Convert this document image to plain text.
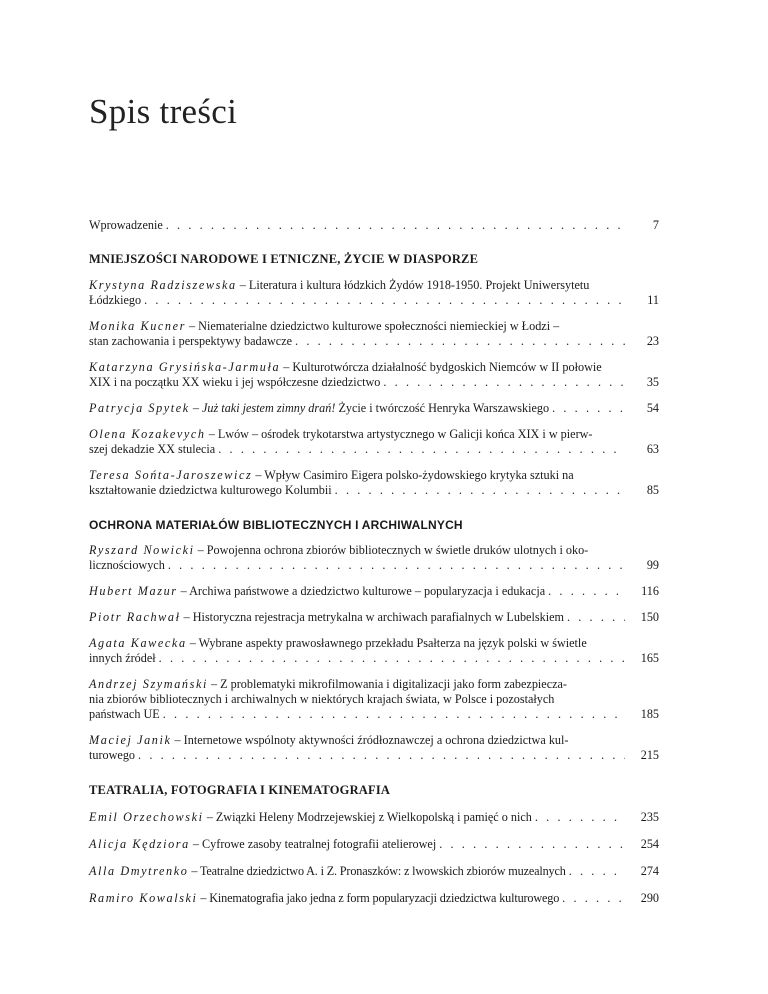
Spis treści
Wprowadzenie . . .	7
MNIEJSZOŚCI NARODOWE I ETNICZNE, ŻYCIE W DIASPORZE
Krystyna Radziszewska – Literatura i kultura łódzkich Żydów 1918-1950. Projekt Uniwersytetu
Łódzkiego . . .	11
Monika Kucner – Niematerialne dziedzictwo kulturowe społeczności niemieckiej w Łodzi –
stan zachowania i perspektywy badawcze . . .	23
Katarzyna Grysińska-Jarmuła – Kulturotwórcza działalność bydgoskich Niemców w II połowie
XIX i na początku XX wieku i jej współczesne dziedzictwo . . .	35
Patrycja Spytek – Już taki jestem zimny drań! Życie i twórczość Henryka Warszawskiego . . .	54
Olena Kozakevych – Lwów – ośrodek trykotarstwa artystycznego w Galicji końca XIX i w pierw-
szej dekadzie XX stulecia . . .	63
Teresa Sońta-Jaroszewicz – Wpływ Casimiro Eigera polsko-żydowskiego krytyka sztuki na
kształtowanie dziedzictwa kulturowego Kolumbii . . .	85
OCHRONA MATERIAŁÓW BIBLIOTECZNYCH I ARCHIWALNYCH
Ryszard Nowicki – Powojenna ochrona zbiorów bibliotecznych w świetle druków ulotnych i oko-
licznościowych . . .	99
Hubert Mazur – Archiwa państwowe a dziedzictwo kulturowe – popularyzacja i edukacja . . .	116
Piotr Rachwał – Historyczna rejestracja metrykalna w archiwach parafialnych w Lubelskiem . . .	150
Agata Kawecka – Wybrane aspekty prawosławnego przekładu Psałterza na język polski w świetle
innych źródeł . . .	165
Andrzej Szymański – Z problematyki mikrofilmowania i digitalizacji jako form zabezpiecza-
nia zbiorów bibliotecznych i archiwalnych w niektórych krajach świata, w Polsce i pozostałych
państwach UE . . .	185
Maciej Janik – Internetowe wspólnoty aktywności źródłoznawczej a ochrona dziedzictwa kul-
turowego . . .	215
TEATRALIA, FOTOGRAFIA I KINEMATOGRAFIA
Emil Orzechowski – Związki Heleny Modrzejewskiej z Wielkopolską i pamięć o nich . . .	235
Alicja Kędziora – Cyfrowe zasoby teatralnej fotografii atelierowej . . .	254
Alla Dmytrenko – Teatralne dziedzictwo A. i Z. Pronaszków: z lwowskich zbiorów muzealnych . . .	274
Ramiro Kowalski – Kinematografia jako jedna z form popularyzacji dziedzictwa kulturowego . . .	290
